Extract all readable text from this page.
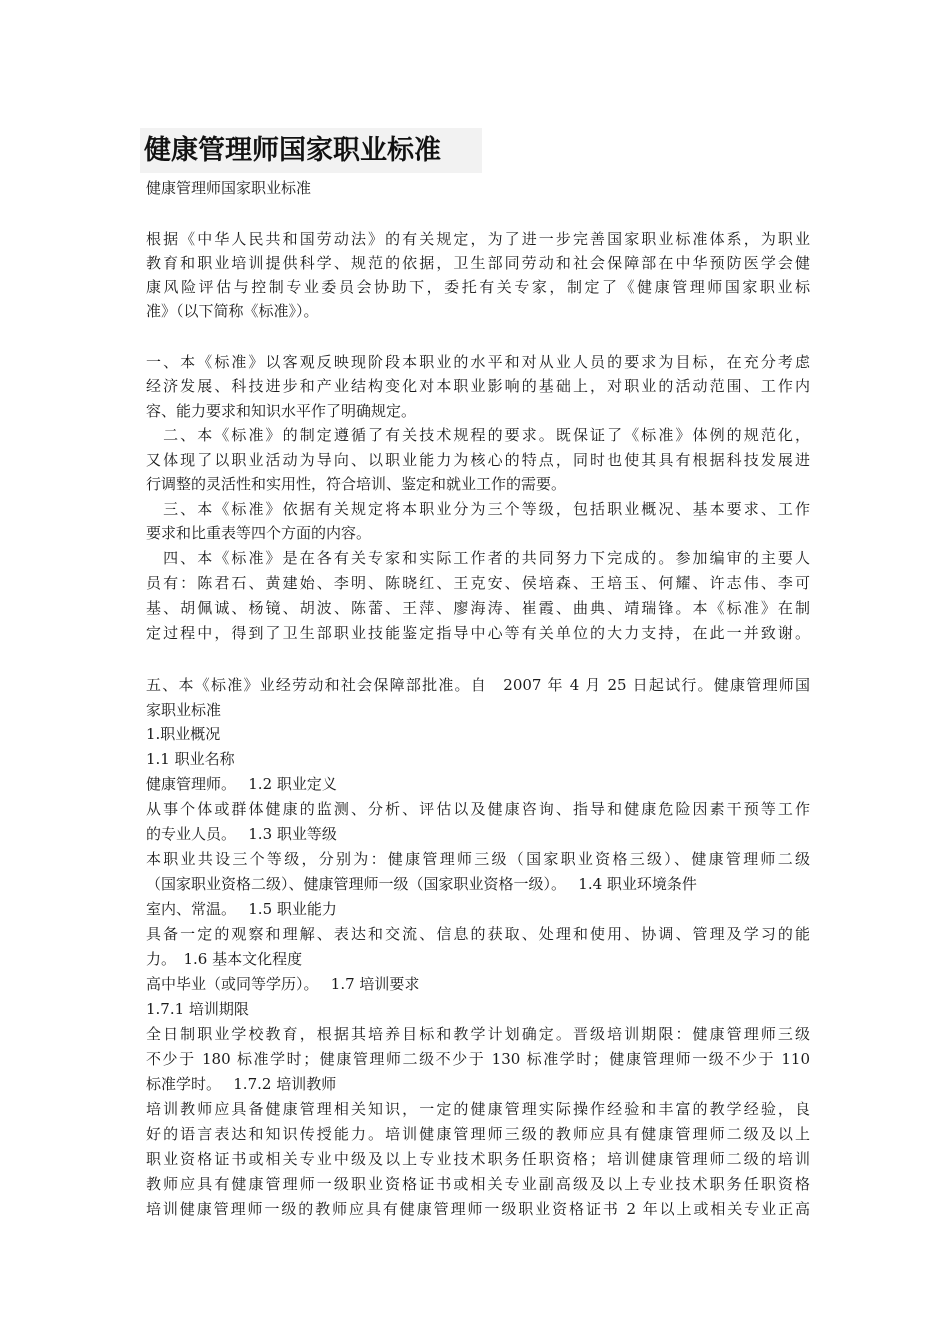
健康管理师国家职业标准
健康管理师国家职业标准
根据《中华人民共和国劳动法》的有关规定，为了进一步完善国家职业标准体系，为职业
教育和职业培训提供科学、规范的依据，卫生部同劳动和社会保障部在中华预防医学会健
康风险评估与控制专业委员会协助下，委托有关专家，制定了《健康管理师国家职业标
准》（以下简称《标准》）。
一、本《标准》以客观反映现阶段本职业的水平和对从业人员的要求为目标，在充分考虑
经济发展、科技进步和产业结构变化对本职业影响的基础上，对职业的活动范围、工作内
容、能力要求和知识水平作了明确规定。
　二、本《标准》的制定遵循了有关技术规程的要求。既保证了《标准》体例的规范化，
又体现了以职业活动为导向、以职业能力为核心的特点，同时也使其具有根据科技发展进
行调整的灵活性和实用性，符合培训、鉴定和就业工作的需要。
　三、本《标准》依据有关规定将本职业分为三个等级，包括职业概况、基本要求、工作
要求和比重表等四个方面的内容。
　四、本《标准》是在各有关专家和实际工作者的共同努力下完成的。参加编审的主要人
员有：陈君石、黄建始、李明、陈晓红、王克安、侯培森、王培玉、何耀、许志伟、李可
基、胡佩诚、杨镜、胡波、陈蕾、王萍、廖海涛、崔霞、曲典、靖瑞锋。本《标准》在制
定过程中，得到了卫生部职业技能鉴定指导中心等有关单位的大力支持，在此一并致谢。
五、本《标准》业经劳动和社会保障部批准。自　2007 年 4 月 25 日起试行。健康管理师国
家职业标准
1.职业概况
1.1 职业名称
健康管理师。　 1.2 职业定义
从事个体或群体健康的监测、分析、评估以及健康咨询、指导和健康危险因素干预等工作
的专业人员。　 1.3 职业等级
本职业共设三个等级，分别为：健康管理师三级（国家职业资格三级）、健康管理师二级
（国家职业资格二级）、健康管理师一级（国家职业资格一级）。　 1.4 职业环境条件
室内、常温。　 1.5 职业能力
具备一定的观察和理解、表达和交流、信息的获取、处理和使用、协调、管理及学习的能
力。　1.6 基本文化程度
高中毕业（或同等学历）。　 1.7 培训要求
1.7.1 培训期限
全日制职业学校教育，根据其培养目标和教学计划确定。晋级培训期限：健康管理师三级
不少于 180 标准学时；健康管理师二级不少于 130 标准学时；健康管理师一级不少于 110
标准学时。　 1.7.2 培训教师
培训教师应具备健康管理相关知识，一定的健康管理实际操作经验和丰富的教学经验，良
好的语言表达和知识传授能力。培训健康管理师三级的教师应具有健康管理师二级及以上
职业资格证书或相关专业中级及以上专业技术职务任职资格；培训健康管理师二级的培训
教师应具有健康管理师一级职业资格证书或相关专业副高级及以上专业技术职务任职资格
培训健康管理师一级的教师应具有健康管理师一级职业资格证书 2 年以上或相关专业正高
